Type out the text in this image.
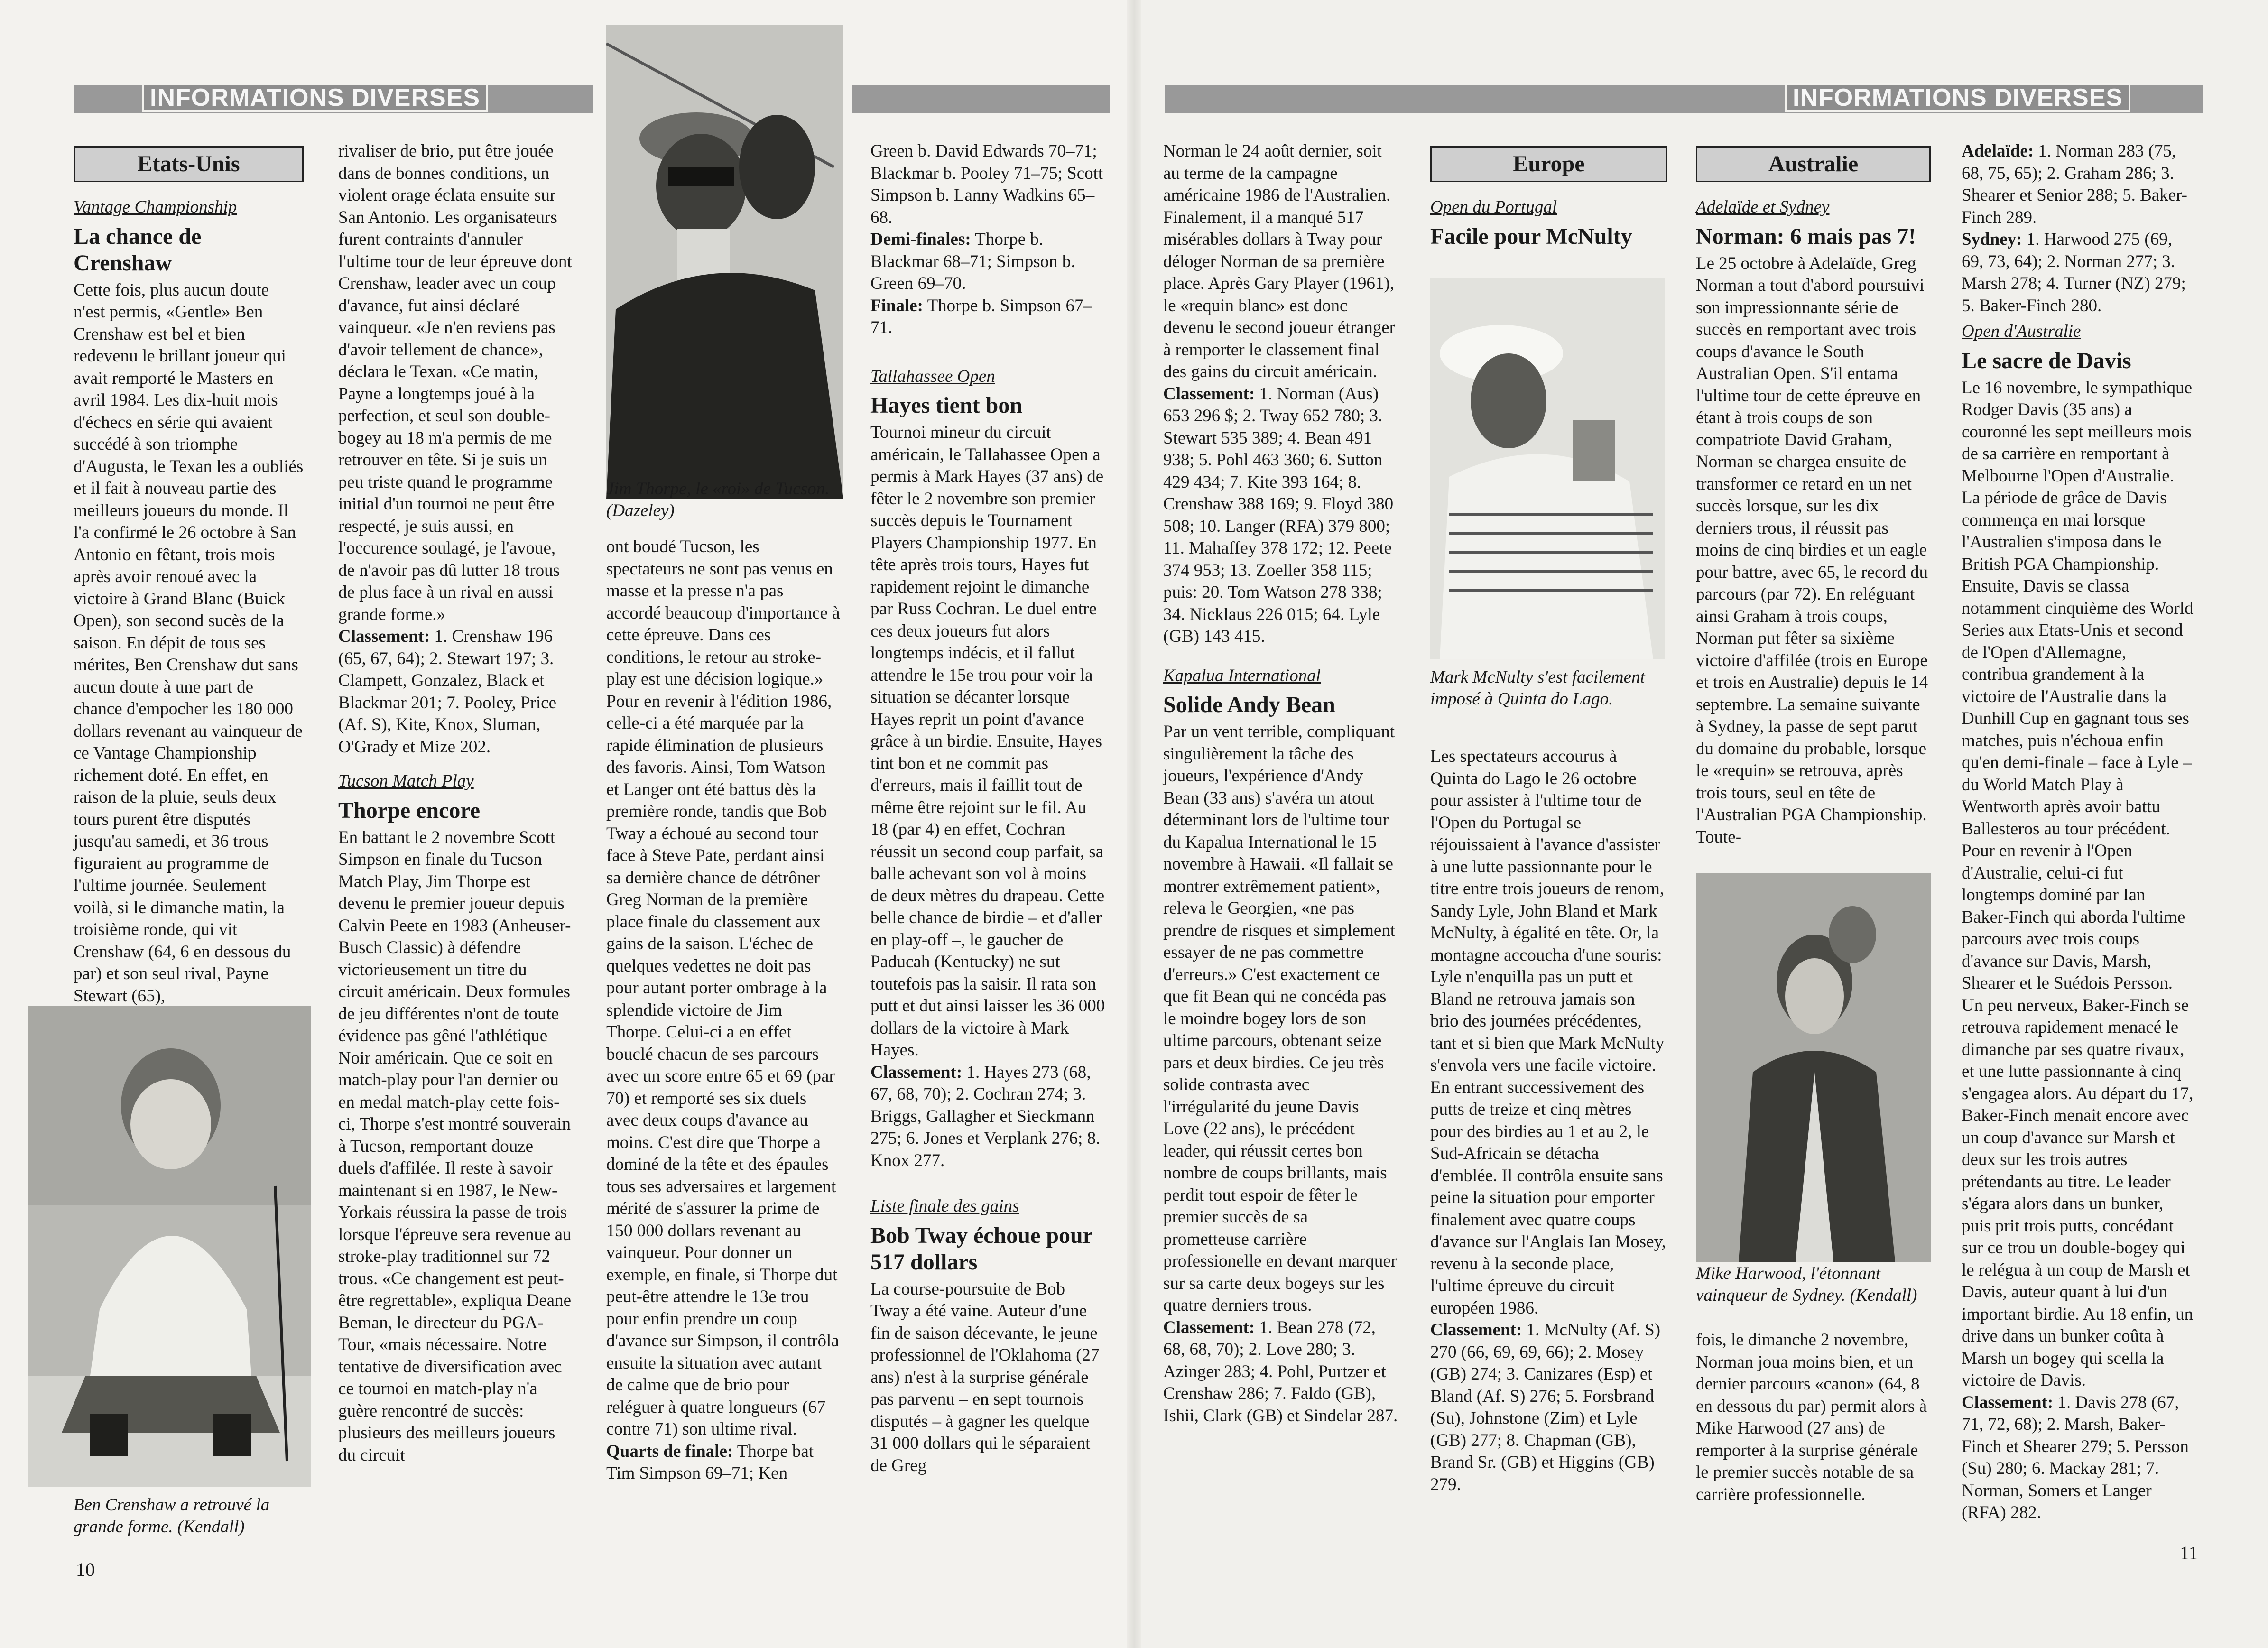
INFORMATIONS DIVERSES	INFORMATIONS DIVERSES
Etats-Unis
Vantage Championship
La chance de Crenshaw

Cette fois, plus aucun doute n'est permis, «Gentle» Ben Crenshaw est bel et bien redevenu le brillant joueur qui avait remporté le Masters en avril 1984. Les dix-huit mois d'échecs en série qui avaient succédé à son triomphe d'Augusta, le Texan les a oubliés et il fait à nouveau partie des meilleurs joueurs du monde. Il l'a confirmé le 26 octobre à San Antonio en fêtant, trois mois après avoir renoué avec la victoire à Grand Blanc (Buick Open), son second sucès de la saison. En dépit de tous ses mérites, Ben Crenshaw dut sans aucun doute à une part de chance d'empocher les 180 000 dollars revenant au vainqueur de ce Vantage Championship richement doté. En effet, en raison de la pluie, seuls deux tours purent être disputés jusqu'au samedi, et 36 trous figuraient au programme de l'ultime journée. Seulement voilà, si le dimanche matin, la troisième ronde, qui vit Crenshaw (64, 6 en dessous du par) et son seul rival, Payne Stewart (65),

Ben Crenshaw a retrouvé la grande forme. (Kendall)
10

rivaliser de brio, put être jouée dans de bonnes conditions, un violent orage éclata ensuite sur San Antonio. Les organisateurs furent contraints d'annuler l'ultime tour de leur épreuve dont Crenshaw, leader avec un coup d'avance, fut ainsi déclaré vainqueur. «Je n'en reviens pas d'avoir tellement de chance», déclara le Texan. «Ce matin, Payne a longtemps joué à la perfection, et seul son double-bogey au 18 m'a permis de me retrouver en tête. Si je suis un peu triste quand le programme initial d'un tournoi ne peut être respecté, je suis aussi, en l'occurence soulagé, je l'avoue, de n'avoir pas dû lutter 18 trous de plus face à un rival en aussi grande forme.»

Classement: 1. Crenshaw 196 (65, 67, 64); 2. Stewart 197; 3. Clampett, Gonzalez, Black et Blackmar 201; 7. Pooley, Price (Af. S), Kite, Knox, Sluman, O'Grady et Mize 202.

Tucson Match Play
Thorpe encore

En battant le 2 novembre Scott Simpson en finale du Tucson Match Play, Jim Thorpe est devenu le premier joueur depuis Calvin Peete en 1983 (Anheuser-Busch Classic) à défendre victorieusement un titre du circuit américain. Deux formules de jeu différentes n'ont de toute évidence pas gêné l'athlétique Noir américain. Que ce soit en match-play pour l'an dernier ou en medal match-play cette fois-ci, Thorpe s'est montré souverain à Tucson, remportant douze duels d'affilée. Il reste à savoir maintenant si en 1987, le New-Yorkais réussira la passe de trois lorsque l'épreuve sera revenue au stroke-play traditionnel sur 72 trous. «Ce changement est peut-être regrettable», expliqua Deane Beman, le directeur du PGA-Tour, «mais nécessaire. Notre tentative de diversification avec ce tournoi en match-play n'a guère rencontré de succès: plusieurs des meilleurs joueurs du circuit

Jim Thorpe, le «roi» de Tucson. (Dazeley)

ont boudé Tucson, les spectateurs ne sont pas venus en masse et la presse n'a pas accordé beaucoup d'importance à cette épreuve. Dans ces conditions, le retour au stroke-play est une décision logique.» Pour en revenir à l'édition 1986, celle-ci a été marquée par la rapide élimination de plusieurs des favoris. Ainsi, Tom Watson et Langer ont été battus dès la première ronde, tandis que Bob Tway a échoué au second tour face à Steve Pate, perdant ainsi sa dernière chance de détrôner Greg Norman de la première place finale du classement aux gains de la saison. L'échec de quelques vedettes ne doit pas pour autant porter ombrage à la splendide victoire de Jim Thorpe. Celui-ci a en effet bouclé chacun de ses parcours avec un score entre 65 et 69 (par 70) et remporté ses six duels avec deux coups d'avance au moins. C'est dire que Thorpe a dominé de la tête et des épaules tous ses adversaires et largement mérité de s'assurer la prime de 150 000 dollars revenant au vainqueur. Pour donner un exemple, en finale, si Thorpe dut peut-être attendre le 13e trou pour enfin prendre un coup d'avance sur Simpson, il contrôla ensuite la situation avec autant de calme que de brio pour reléguer à quatre longueurs (67 contre 71) son ultime rival.

Quarts de finale: Thorpe bat Tim Simpson 69–71; Ken

Green b. David Edwards 70–71; Blackmar b. Pooley 71–75; Scott Simpson b. Lanny Wadkins 65–68.

Demi-finales: Thorpe b. Blackmar 68–71; Simpson b. Green 69–70.

Finale: Thorpe b. Simpson 67–71.

Tallahassee Open
Hayes tient bon

Tournoi mineur du circuit américain, le Tallahassee Open a permis à Mark Hayes (37 ans) de fêter le 2 novembre son premier succès depuis le Tournament Players Championship 1977. En tête après trois tours, Hayes fut rapidement rejoint le dimanche par Russ Cochran. Le duel entre ces deux joueurs fut alors longtemps indécis, et il fallut attendre le 15e trou pour voir la situation se décanter lorsque Hayes reprit un point d'avance grâce à un birdie. Ensuite, Hayes tint bon et ne commit pas d'erreurs, mais il faillit tout de même être rejoint sur le fil. Au 18 (par 4) en effet, Cochran réussit un second coup parfait, sa balle achevant son vol à moins de deux mètres du drapeau. Cette belle chance de birdie – et d'aller en play-off –, le gaucher de Paducah (Kentucky) ne sut toutefois pas la saisir. Il rata son putt et dut ainsi laisser les 36 000 dollars de la victoire à Mark Hayes.

Classement: 1. Hayes 273 (68, 67, 68, 70); 2. Cochran 274; 3. Briggs, Gallagher et Sieckmann 275; 6. Jones et Verplank 276; 8. Knox 277.

Liste finale des gains
Bob Tway échoue pour 517 dollars

La course-poursuite de Bob Tway a été vaine. Auteur d'une fin de saison décevante, le jeune professionnel de l'Oklahoma (27 ans) n'est à la surprise générale pas parvenu – en sept tournois disputés – à gagner les quelque 31 000 dollars qui le séparaient de Greg

Norman le 24 août dernier, soit au terme de la campagne américaine 1986 de l'Australien. Finalement, il a manqué 517 misérables dollars à Tway pour déloger Norman de sa première place. Après Gary Player (1961), le «requin blanc» est donc devenu le second joueur étranger à remporter le classement final des gains du circuit américain.

Classement: 1. Norman (Aus) 653 296 $; 2. Tway 652 780; 3. Stewart 535 389; 4. Bean 491 938; 5. Pohl 463 360; 6. Sutton 429 434; 7. Kite 393 164; 8. Crenshaw 388 169; 9. Floyd 380 508; 10. Langer (RFA) 379 800; 11. Mahaffey 378 172; 12. Peete 374 953; 13. Zoeller 358 115; puis: 20. Tom Watson 278 338; 34. Nicklaus 226 015; 64. Lyle (GB) 143 415.

Kapalua International
Solide Andy Bean

Par un vent terrible, compliquant singulièrement la tâche des joueurs, l'expérience d'Andy Bean (33 ans) s'avéra un atout déterminant lors de l'ultime tour du Kapalua International le 15 novembre à Hawaii. «Il fallait se montrer extrêmement patient», releva le Georgien, «ne pas prendre de risques et simplement essayer de ne pas commettre d'erreurs.» C'est exactement ce que fit Bean qui ne concéda pas le moindre bogey lors de son ultime parcours, obtenant seize pars et deux birdies. Ce jeu très solide contrasta avec l'irrégularité du jeune Davis Love (22 ans), le précédent leader, qui réussit certes bon nombre de coups brillants, mais perdit tout espoir de fêter le premier succès de sa prometteuse carrière professionelle en devant marquer sur sa carte deux bogeys sur les quatre derniers trous.

Classement: 1. Bean 278 (72, 68, 68, 70); 2. Love 280; 3. Azinger 283; 4. Pohl, Purtzer et Crenshaw 286; 7. Faldo (GB), Ishii, Clark (GB) et Sindelar 287.

Europe
Open du Portugal
Facile pour McNulty
Mark McNulty s'est facilement imposé à Quinta do Lago.

Les spectateurs accourus à Quinta do Lago le 26 octobre pour assister à l'ultime tour de l'Open du Portugal se réjouissaient à l'avance d'assister à une lutte passionnante pour le titre entre trois joueurs de renom, Sandy Lyle, John Bland et Mark McNulty, à égalité en tête. Or, la montagne accoucha d'une souris: Lyle n'enquilla pas un putt et Bland ne retrouva jamais son brio des journées précédentes, tant et si bien que Mark McNulty s'envola vers une facile victoire. En entrant successivement des putts de treize et cinq mètres pour des birdies au 1 et au 2, le Sud-Africain se détacha d'emblée. Il contrôla ensuite sans peine la situation pour emporter finalement avec quatre coups d'avance sur l'Anglais Ian Mosey, revenu à la seconde place, l'ultime épreuve du circuit européen 1986.

Classement: 1. McNulty (Af. S) 270 (66, 69, 69, 66); 2. Mosey (GB) 274; 3. Canizares (Esp) et Bland (Af. S) 276; 5. Forsbrand (Su), Johnstone (Zim) et Lyle (GB) 277; 8. Chapman (GB), Brand Sr. (GB) et Higgins (GB) 279.

Australie
Adelaïde et Sydney
Norman: 6 mais pas 7!

Le 25 octobre à Adelaïde, Greg Norman a tout d'abord poursuivi son impressionnante série de succès en remportant avec trois coups d'avance le South Australian Open. S'il entama l'ultime tour de cette épreuve en étant à trois coups de son compatriote David Graham, Norman se chargea ensuite de transformer ce retard en un net succès lorsque, sur les dix derniers trous, il réussit pas moins de cinq birdies et un eagle pour battre, avec 65, le record du parcours (par 72). En reléguant ainsi Graham à trois coups, Norman put fêter sa sixième victoire d'affilée (trois en Europe et trois en Australie) depuis le 14 septembre. La semaine suivante à Sydney, la passe de sept parut du domaine du probable, lorsque le «requin» se retrouva, après trois tours, seul en tête de l'Australian PGA Championship. Toute-

Mike Harwood, l'étonnant vainqueur de Sydney. (Kendall)

fois, le dimanche 2 novembre, Norman joua moins bien, et un dernier parcours «canon» (64, 8 en dessous du par) permit alors à Mike Harwood (27 ans) de remporter à la surprise générale le premier succès notable de sa carrière professionnelle.

Adelaïde: 1. Norman 283 (75, 68, 75, 65); 2. Graham 286; 3. Shearer et Senior 288; 5. Baker-Finch 289.

Sydney: 1. Harwood 275 (69, 69, 73, 64); 2. Norman 277; 3. Marsh 278; 4. Turner (NZ) 279; 5. Baker-Finch 280.

Open d'Australie
Le sacre de Davis

Le 16 novembre, le sympathique Rodger Davis (35 ans) a couronné les sept meilleurs mois de sa carrière en remportant à Melbourne l'Open d'Australie. La période de grâce de Davis commença en mai lorsque l'Australien s'imposa dans le British PGA Championship. Ensuite, Davis se classa notamment cinquième des World Series aux Etats-Unis et second de l'Open d'Allemagne, contribua grandement à la victoire de l'Australie dans la Dunhill Cup en gagnant tous ses matches, puis n'échoua enfin qu'en demi-finale – face à Lyle – du World Match Play à Wentworth après avoir battu Ballesteros au tour précédent. Pour en revenir à l'Open d'Australie, celui-ci fut longtemps dominé par Ian Baker-Finch qui aborda l'ultime parcours avec trois coups d'avance sur Davis, Marsh, Shearer et le Suédois Persson. Un peu nerveux, Baker-Finch se retrouva rapidement menacé le dimanche par ses quatre rivaux, et une lutte passionnante à cinq s'engagea alors. Au départ du 17, Baker-Finch menait encore avec un coup d'avance sur Marsh et deux sur les trois autres prétendants au titre. Le leader s'égara alors dans un bunker, puis prit trois putts, concédant sur ce trou un double-bogey qui le relégua à un coup de Marsh et Davis, auteur quant à lui d'un important birdie. Au 18 enfin, un drive dans un bunker coûta à Marsh un bogey qui scella la victoire de Davis.

Classement: 1. Davis 278 (67, 71, 72, 68); 2. Marsh, Baker-Finch et Shearer 279; 5. Persson (Su) 280; 6. Mackay 281; 7. Norman, Somers et Langer (RFA) 282.

11
